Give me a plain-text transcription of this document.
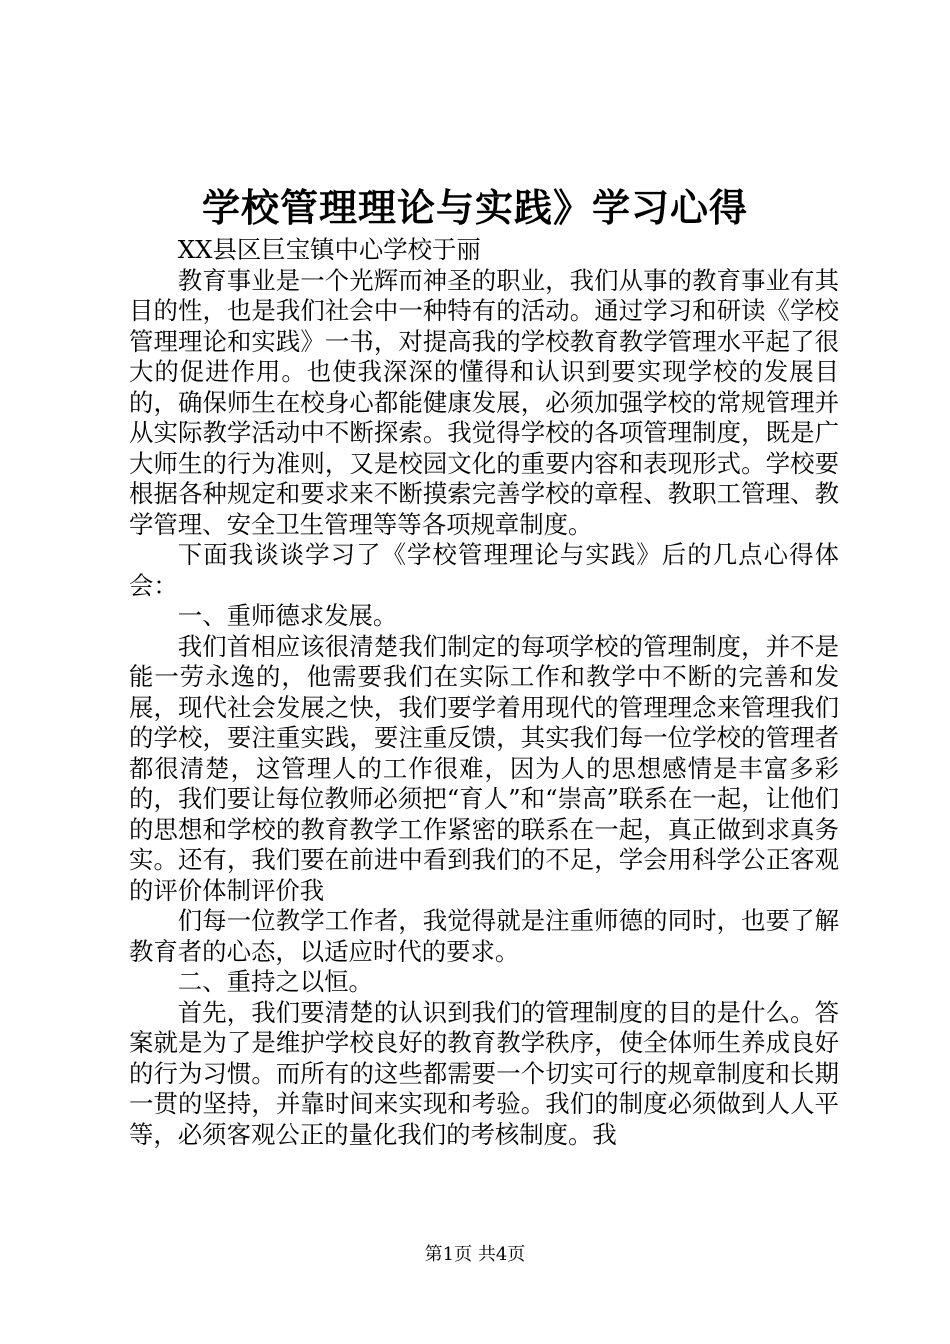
学校管理理论与实践》学习心得

XX县区巨宝镇中心学校于丽

教育事业是一个光辉而神圣的职业，我们从事的教育事业有其目的性，也是我们社会中一种特有的活动。通过学习和研读《学校管理理论和实践》一书，对提高我的学校教育教学管理水平起了很大的促进作用。也使我深深的懂得和认识到要实现学校的发展目的，确保师生在校身心都能健康发展，必须加强学校的常规管理并从实际教学活动中不断探索。我觉得学校的各项管理制度，既是广大师生的行为准则，又是校园文化的重要内容和表现形式。学校要根据各种规定和要求来不断摸索完善学校的章程、教职工管理、教学管理、安全卫生管理等等各项规章制度。

下面我谈谈学习了《学校管理理论与实践》后的几点心得体会：

一、重师德求发展。

我们首相应该很清楚我们制定的每项学校的管理制度，并不是能一劳永逸的，他需要我们在实际工作和教学中不断的完善和发展，现代社会发展之快，我们要学着用现代的管理理念来管理我们的学校，要注重实践，要注重反馈，其实我们每一位学校的管理者都很清楚，这管理人的工作很难，因为人的思想感情是丰富多彩的，我们要让每位教师必须把“育人”和“崇高”联系在一起，让他们的思想和学校的教育教学工作紧密的联系在一起，真正做到求真务实。还有，我们要在前进中看到我们的不足，学会用科学公正客观的评价体制评价我

们每一位教学工作者，我觉得就是注重师德的同时，也要了解教育者的心态，以适应时代的要求。

二、重持之以恒。

首先，我们要清楚的认识到我们的管理制度的目的是什么。答案就是为了是维护学校良好的教育教学秩序，使全体师生养成良好的行为习惯。而所有的这些都需要一个切实可行的规章制度和长期一贯的坚持，并靠时间来实现和考验。我们的制度必须做到人人平等，必须客观公正的量化我们的考核制度。我

第1页 共4页
